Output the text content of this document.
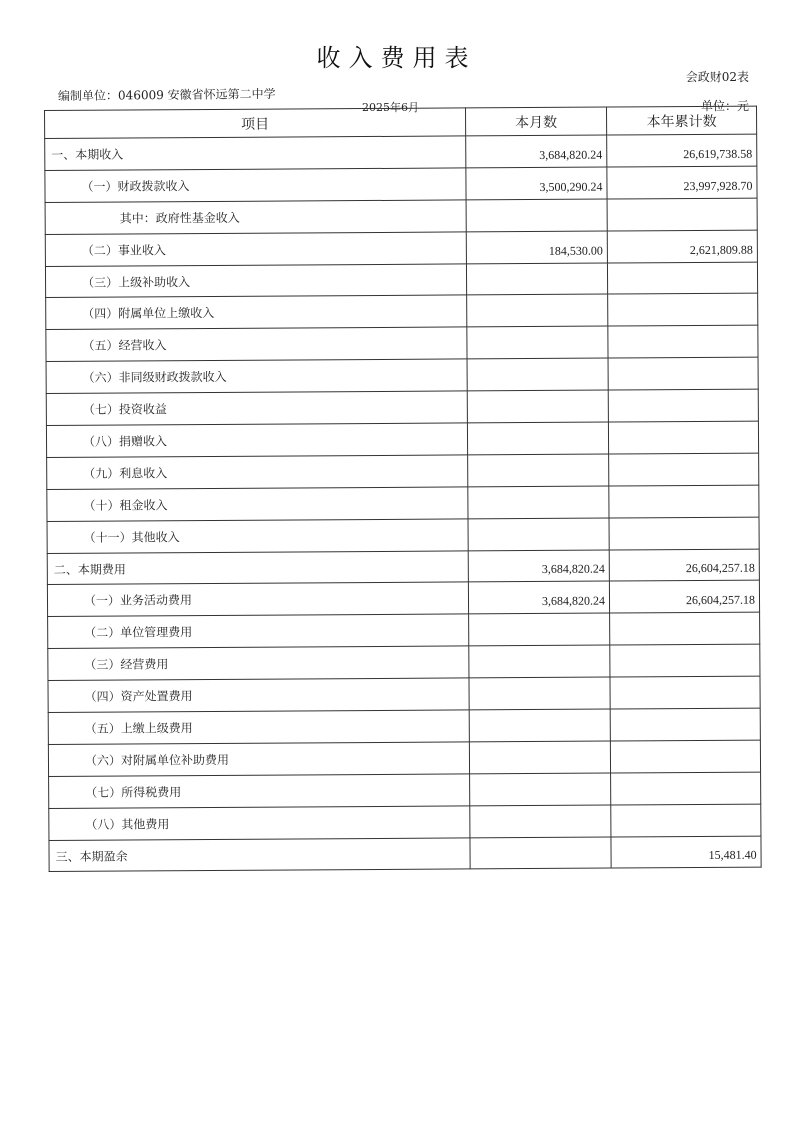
收入费用表
会政财02表
编制单位：046009 安徽省怀远第二中学
2025年6月	单位：元
项目	本月数	本年累计数
一、本期收入	3,684,820.24	26,619,738.58
（一）财政拨款收入	3,500,290.24	23,997,928.70
其中：政府性基金收入		
（二）事业收入	184,530.00	2,621,809.88
（三）上级补助收入		
（四）附属单位上缴收入		
（五）经营收入		
（六）非同级财政拨款收入		
（七）投资收益		
（八）捐赠收入		
（九）利息收入		
（十）租金收入		
（十一）其他收入		
二、本期费用	3,684,820.24	26,604,257.18
（一）业务活动费用	3,684,820.24	26,604,257.18
（二）单位管理费用		
（三）经营费用		
（四）资产处置费用		
（五）上缴上级费用		
（六）对附属单位补助费用		
（七）所得税费用		
（八）其他费用		
三、本期盈余		15,481.40
